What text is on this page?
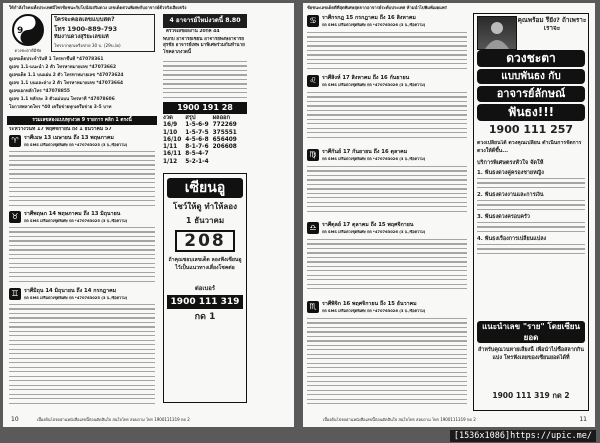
ให้กำลังใจคนทั้งประเทศมีไพรชัยชนะกับโบนัสเสริมดวง เลขเด็ดด่วนพิเศษกับอาจารย์ตัวจริงเสียงจริง
9
ดวงชะตาดีมีชัย
ใครจะคอลเลขแบบสด?
โทร 1900-889-793
ทีมงานดวงสุริยะเลขแท้
โทรจากทุกเครือข่าย 30 บ. (29บ./ค)
ดูเลขเด็ดประจำวันที่ 1 โทรหาขึ้นที่ *47078361
ดูเลข 1.1-แนะนำ 2 ตัว โทรหาหมายเลข *47073662
ดูเลขเด็ด 1.1 บนแผ่น 2 ตัว โทรหาหมายเลข *47073624
ดูเลข 1.1 บนและล่าง 2 ตัว โทรหาหมายเลข *47073664
ดูเลขเอกหลักโทร *47078855
ดูเลข 1.1 หลักละ 3 ตัวแม่นบน โทรหาที่ *47078606
โอกาสพลาดโทร *40 เครือข่ายทุกเครือข่าย 3-5 บาท
รวมเลขสองแบบทุกงวด 9 รายการ คลิก 1 ตรงนี้
ระหว่างวันที่ 17 พฤศจิกายน ถึง 1 ธันวาคม 57
♈	ราศีเมษ 13 เมษายน ถึง 13 พฤษภาคม
กด SMS เสริมดวงชุดพิเศษ กด *470763025 (3 บ./ข้อความ)
♉	ราศีพฤษภ 14 พฤษภาคม ถึง 13 มิถุนายน
กด SMS เสริมดวงชุดพิเศษ กด *470763025 (3 บ./ข้อความ)
♊	ราศีมิถุน 14 มิถุนายน ถึง 14 กรกฎาคม
กด SMS เสริมดวงชุดพิเศษ กด *470763025 (3 บ./ข้อความ)
4 อาจารย์ใหม่งวดนี้ 8.80
ตรวจเลขผลงาน 20กค 44
พบกับ อาจารย์เซียน อาจารย์พงษ์อาจารย์สุรชัย อาจารย์เทพ มาพิเศษร่วมกันทำนายโชคลาภงวดนี้
1900 191 28
งวด	สรุป	ผลออก
16/9	1-5-6-9	772269
1/10	1-5-7-5	375551
16/10	4-5-6-8	656409
1/11	8-1-7-6	206608
16/11	8-5-4-7	
1/12	5-2-1-4	
เซียนอู
โชว์ให้ดู ทำให้ลอง
1 ธันวาคม
208
ถ้าคุณชอบเลขเด็ด ลองฟังเซียนอู ไว้เป็นแนวทางเสี่ยงโชคต่อ
ต่อเบอร์
1900 111 319
กด 1
10	เบื้องต้นโปรดอ่านหนังสือเลขนี้ก่อนตัดสินใจ สนใจโทร สอบถาม โทร 1900111319 กด 2
ชัยชนะเลขเด็ดดีที่สุดพิเศษสุดจากอาจารย์ระดับประเทศ ห้ามนำไปพิมพ์เผยแพร่
♋	ราศีกรกฎ 15 กรกฎาคม ถึง 16 สิงหาคม
กด SMS เสริมดวงชุดพิเศษ กด *470763026 (3 บ./ข้อความ)
♌	ราศีสิงห์ 17 สิงหาคม ถึง 16 กันยายน
กด SMS เสริมดวงชุดพิเศษ กด *470763026 (3 บ./ข้อความ)
♍	ราศีกันย์ 17 กันยายน ถึง 16 ตุลาคม
กด SMS เสริมดวงชุดพิเศษ กด *470763026 (3 บ./ข้อความ)
♎	ราศีตุลย์ 17 ตุลาคม ถึง 15 พฤศจิกายน
กด SMS เสริมดวงชุดพิเศษ กด *470763026 (3 บ./ข้อความ)
♏	ราศีพิจิก 16 พฤศจิกายน ถึง 15 ธันวาคม
กด SMS เสริมดวงชุดพิเศษ กด *470763026 (3 บ./ข้อความ)
คุณพร้อม รึยัง? ถ้าเพราะเราจะ
ดวงชะตา
แบบพันธง กับ
อาจารย์ลักษณ์
ฟันธง!!!
1900 111 257
ดวงเปลี่ยนได้ ดวงคุณเปลี่ยน ดำเนินการจัดการดวงให้ดีขึ้น...
บริการพิเศษตรงหัวใจ จัดให้
1. ฟันธงดวงคู่ครองชายหญิง
2. ฟันธงดวงงานและการเงิน
3. ฟันธงดวงครอบครัว
4. ฟันธงเรื่องการเปลี่ยนแปลง
แนะนำเลข "ราย" โดยเซียนยอด
สำหรับคุณวนหายเสียงนี้ เพื่อนำไปซื้อสลากกินแบ่ง โทรฟังเลยของเซียนยอดได้ที่
1900 111 319 กด 2
11
เบื้องต้นโปรดอ่านหนังสือเลขนี้ก่อนตัดสินใจ สนใจโทร สอบถาม โทร 1900111319 กด 2
[1536x1086]https://upic.me/
